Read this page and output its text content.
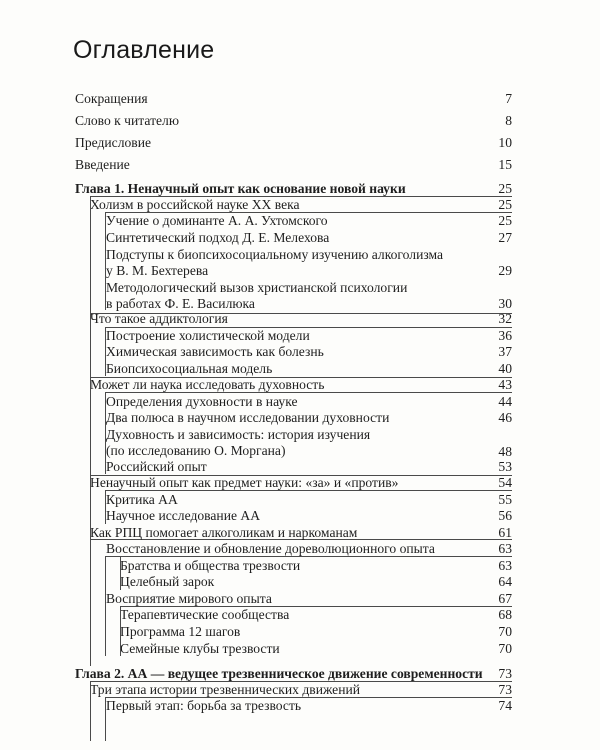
Оглавление
Сокращения	7
Слово к читателю	8
Предисловие	10
Введение	15
Глава 1. Ненаучный опыт как основание новой науки	25
Холизм в российской науке XX века	25
Учение о доминанте А. А. Ухтомского	25
Синтетический подход Д. Е. Мелехова	27
Подступы к биопсихосоциальному изучению алкоголизма
у В. М. Бехтерева	29
Методологический вызов христианской психологии
в работах Ф. Е. Василюка	30
Что такое аддиктология	32
Построение холистической модели	36
Химическая зависимость как болезнь	37
Биопсихосоциальная модель	40
Может ли наука исследовать духовность	43
Определения духовности в науке	44
Два полюса в научном исследовании духовности	46
Духовность и зависимость: история изучения
(по исследованию О. Моргана)	48
Российский опыт	53
Ненаучный опыт как предмет науки: «за» и «против»	54
Критика АА	55
Научное исследование АА	56
Как РПЦ помогает алкоголикам и наркоманам	61
Восстановление и обновление дореволюционного опыта	63
Братства и общества трезвости	63
Целебный зарок	64
Восприятие мирового опыта	67
Терапевтические сообщества	68
Программа 12 шагов	70
Семейные клубы трезвости	70
Глава 2. АА — ведущее трезвенническое движение современности	73
Три этапа истории трезвеннических движений	73
Первый этап: борьба за трезвость	74
